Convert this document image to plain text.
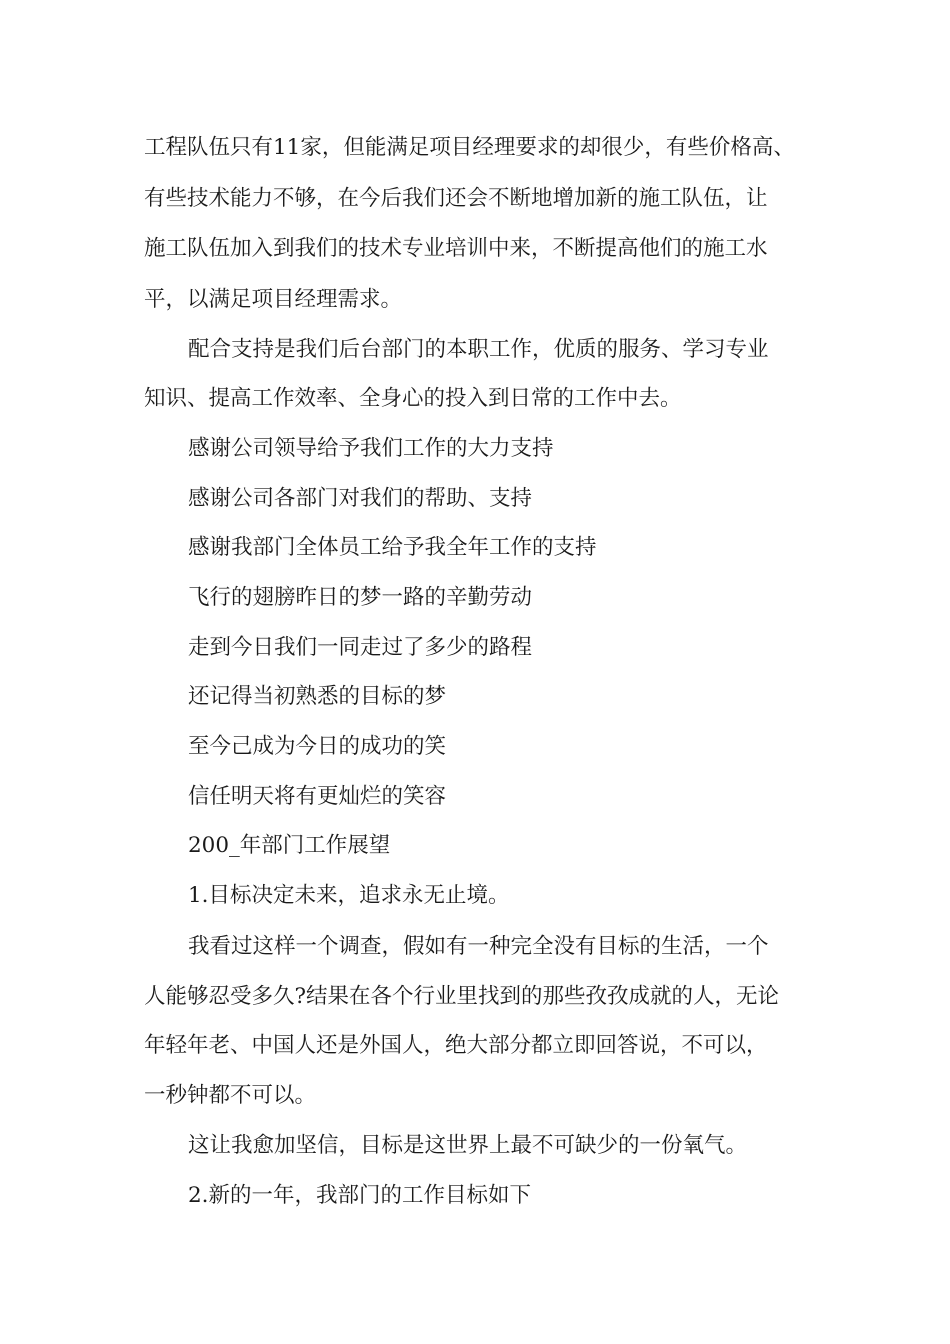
工程队伍只有11家，但能满足项目经理要求的却很少，有些价格高、
有些技术能力不够，在今后我们还会不断地增加新的施工队伍，让
施工队伍加入到我们的技术专业培训中来，不断提高他们的施工水
平，以满足项目经理需求。
配合支持是我们后台部门的本职工作，优质的服务、学习专业
知识、提高工作效率、全身心的投入到日常的工作中去。
感谢公司领导给予我们工作的大力支持
感谢公司各部门对我们的帮助、支持
感谢我部门全体员工给予我全年工作的支持
飞行的翅膀昨日的梦一路的辛勤劳动
走到今日我们一同走过了多少的路程
还记得当初熟悉的目标的梦
至今己成为今日的成功的笑
信任明天将有更灿烂的笑容
200_年部门工作展望
1.目标决定未来，追求永无止境。
我看过这样一个调查，假如有一种完全没有目标的生活，一个
人能够忍受多久?结果在各个行业里找到的那些孜孜成就的人，无论
年轻年老、中国人还是外国人，绝大部分都立即回答说，不可以，
一秒钟都不可以。
这让我愈加坚信，目标是这世界上最不可缺少的一份氧气。
2.新的一年，我部门的工作目标如下
